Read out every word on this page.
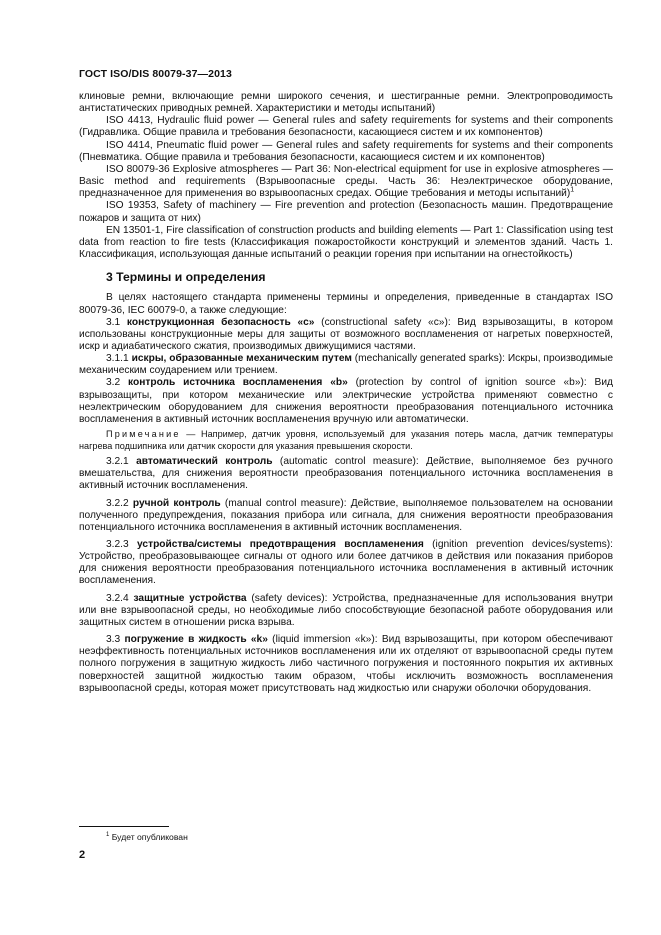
ГОСТ ISO/DIS 80079-37—2013

клиновые ремни, включающие ремни широкого сечения, и шестигранные ремни. Электропроводимость антистатических приводных ремней. Характеристики и методы испытаний)

ISO 4413, Hydraulic fluid power — General rules and safety requirements for systems and their components (Гидравлика. Общие правила и требования безопасности, касающиеся систем и их компонентов)

ISO 4414, Pneumatic fluid power — General rules and safety requirements for systems and their components (Пневматика. Общие правила и требования безопасности, касающиеся систем и их компонентов)

ISO 80079-36 Explosive atmospheres — Part 36: Non-electrical equipment for use in explosive atmospheres — Basic method and requirements (Взрывоопасные среды. Часть 36: Неэлектрическое оборудование, предназначенное для применения во взрывоопасных средах. Общие требования и методы испытаний)$^1$

ISO 19353, Safety of machinery — Fire prevention and protection (Безопасность машин. Предотвращение пожаров и защита от них)

EN 13501-1, Fire classification of construction products and building elements — Part 1: Classification using test data from reaction to fire tests (Классификация пожаростойкости конструкций и элементов зданий. Часть 1. Классификация, использующая данные испытаний о реакции горения при испытании на огнестойкость)

3 Термины и определения

В целях настоящего стандарта применены термины и определения, приведенные в стандартах ISO 80079-36, IEC 60079-0, а также следующие:

3.1 конструкционная безопасность «с» (constructional safety «c»): Вид взрывозащиты, в котором использованы конструкционные меры для защиты от возможного воспламенения от нагретых поверхностей, искр и адиабатического сжатия, производимых движущимися частями.

3.1.1 искры, образованные механическим путем (mechanically generated sparks): Искры, производимые механическим соударением или трением.

3.2 контроль источника воспламенения «b» (protection by control of ignition source «b»): Вид взрывозащиты, при котором механические или электрические устройства применяют совместно с неэлектрическим оборудованием для снижения вероятности преобразования потенциального источника воспламенения в активный источник воспламенения вручную или автоматически.

Примечание — Например, датчик уровня, используемый для указания потерь масла, датчик температуры нагрева подшипника или датчик скорости для указания превышения скорости.

3.2.1 автоматический контроль (automatic control measure): Действие, выполняемое без ручного вмешательства, для снижения вероятности преобразования потенциального источника воспламенения в активный источник воспламенения.

3.2.2 ручной контроль (manual control measure): Действие, выполняемое пользователем на основании полученного предупреждения, показания прибора или сигнала, для снижения вероятности преобразования потенциального источника воспламенения в активный источник воспламенения.

3.2.3 устройства/системы предотвращения воспламенения (ignition prevention devices/systems): Устройство, преобразовывающее сигналы от одного или более датчиков в действия или показания приборов для снижения вероятности преобразования потенциального источника воспламенения в активный источник воспламенения.

3.2.4 защитные устройства (safety devices): Устройства, предназначенные для использования внутри или вне взрывоопасной среды, но необходимые либо способствующие безопасной работе оборудования или защитных систем в отношении риска взрыва.

3.3 погружение в жидкость «k» (liquid immersion «k»): Вид взрывозащиты, при котором обеспечивают неэффективность потенциальных источников воспламенения или их отделяют от взрывоопасной среды путем полного погружения в защитную жидкость либо частичного погружения и постоянного покрытия их активных поверхностей защитной жидкостью таким образом, чтобы исключить возможность воспламенения взрывоопасной среды, которая может присутствовать над жидкостью или снаружи оболочки оборудования.

$^1$ Будет опубликован
2
